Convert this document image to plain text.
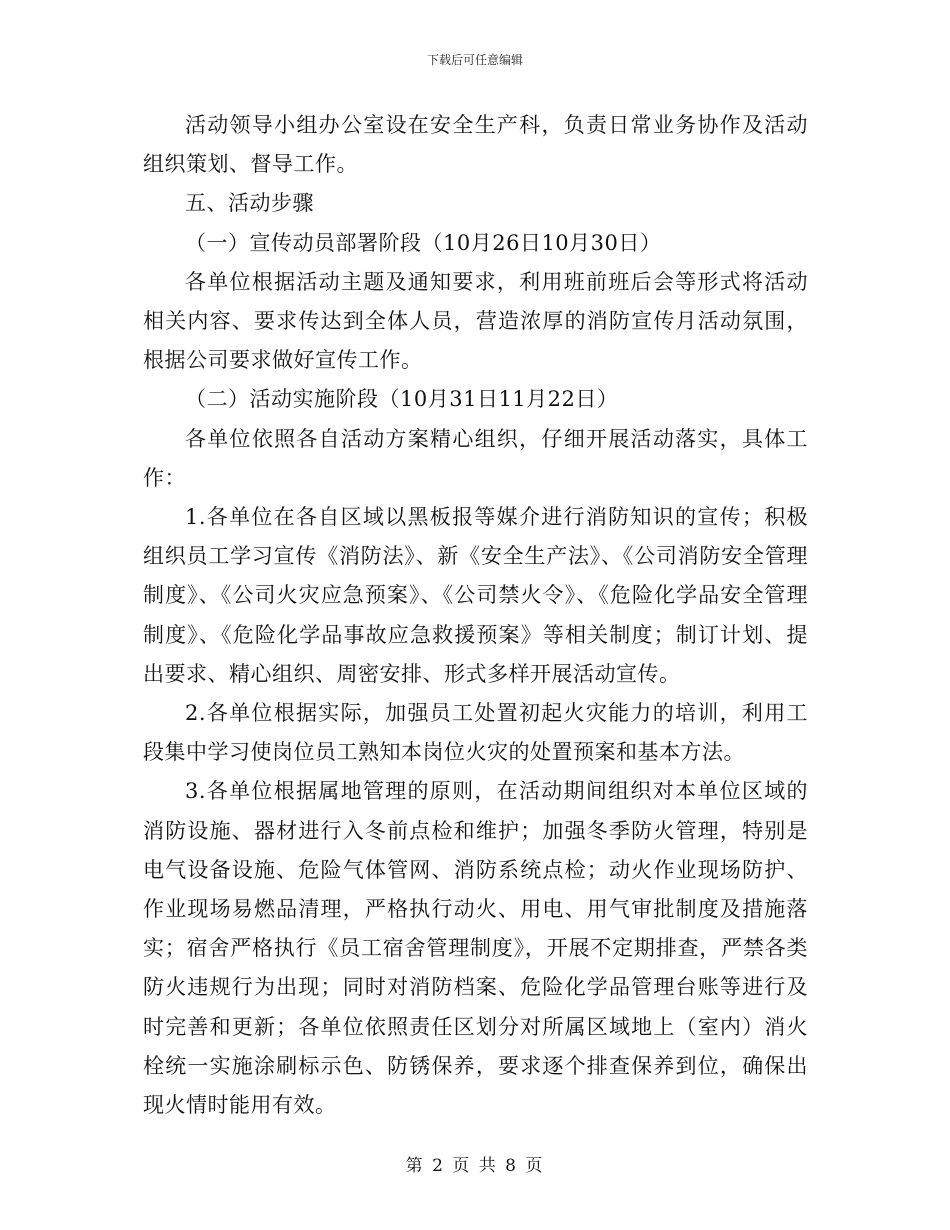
下载后可任意编辑

活动领导小组办公室设在安全生产科，负责日常业务协作及活动组织策划、督导工作。

五、活动步骤

（一）宣传动员部署阶段（10月26日10月30日）

各单位根据活动主题及通知要求，利用班前班后会等形式将活动相关内容、要求传达到全体人员，营造浓厚的消防宣传月活动氛围，根据公司要求做好宣传工作。

（二）活动实施阶段（10月31日11月22日）

各单位依照各自活动方案精心组织，仔细开展活动落实，具体工作：

1.各单位在各自区域以黑板报等媒介进行消防知识的宣传；积极组织员工学习宣传《消防法》、新《安全生产法》、《公司消防安全管理制度》、《公司火灾应急预案》、《公司禁火令》、《危险化学品安全管理制度》、《危险化学品事故应急救援预案》等相关制度；制订计划、提出要求、精心组织、周密安排、形式多样开展活动宣传。

2.各单位根据实际，加强员工处置初起火灾能力的培训，利用工段集中学习使岗位员工熟知本岗位火灾的处置预案和基本方法。

3.各单位根据属地管理的原则，在活动期间组织对本单位区域的消防设施、器材进行入冬前点检和维护；加强冬季防火管理，特别是电气设备设施、危险气体管网、消防系统点检；动火作业现场防护、作业现场易燃品清理，严格执行动火、用电、用气审批制度及措施落实；宿舍严格执行《员工宿舍管理制度》，开展不定期排查，严禁各类防火违规行为出现；同时对消防档案、危险化学品管理台账等进行及时完善和更新；各单位依照责任区划分对所属区域地上（室内）消火栓统一实施涂刷标示色、防锈保养，要求逐个排查保养到位，确保出现火情时能用有效。

第 2 页 共 8 页
